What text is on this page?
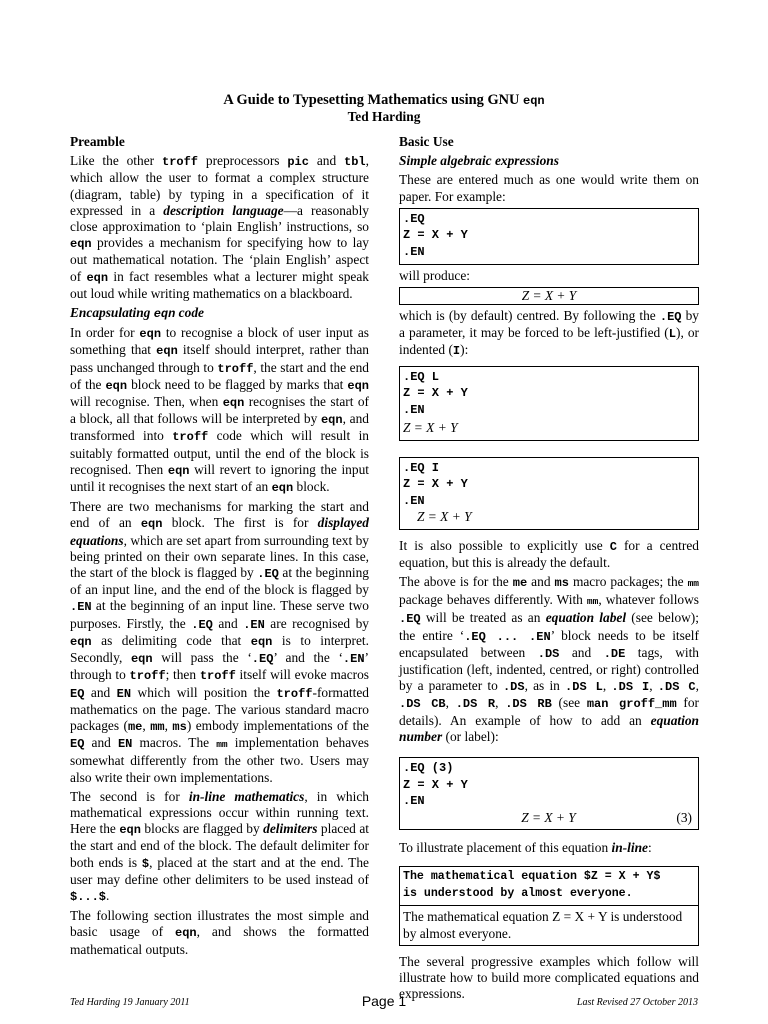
A Guide to Typesetting Mathematics using GNU eqn
Ted Harding

Preamble

Like the other troff preprocessors pic and tbl, which allow the user to format a complex structure (diagram, table) by typing in a specification of it expressed in a description language—a reasonably close approximation to ‘plain English’ instructions, so eqn provides a mechanism for specifying how to lay out mathematical notation. The ‘plain English’ aspect of eqn in fact resembles what a lecturer might speak out loud while writing mathematics on a blackboard.

Encapsulating eqn code

In order for eqn to recognise a block of user input as something that eqn itself should interpret, rather than pass unchanged through to troff, the start and the end of the eqn block need to be flagged by marks that eqn will recognise. Then, when eqn recognises the start of a block, all that follows will be interpreted by eqn, and transformed into troff code which will result in suitably formatted output, until the end of the block is recognised. Then eqn will revert to ignoring the input until it recognises the next start of an eqn block.

There are two mechanisms for marking the start and end of an eqn block. The first is for displayed equations, which are set apart from surrounding text by being printed on their own separate lines. In this case, the start of the block is flagged by .EQ at the beginning of an input line, and the end of the block is flagged by .EN at the beginning of an input line. These serve two purposes. Firstly, the .EQ and .EN are recognised by eqn as delimiting code that eqn is to interpret. Secondly, eqn will pass the ‘.EQ’ and the ‘.EN’ through to troff; then troff itself will evoke macros EQ and EN which will position the troff-formatted mathematics on the page. The various standard macro packages (me, mm, ms) embody implementations of the EQ and EN macros. The mm implementation behaves somewhat differently from the other two. Users may also write their own implementations.

The second is for in-line mathematics, in which mathematical expressions occur within running text. Here the eqn blocks are flagged by delimiters placed at the start and end of the block. The default delimiter for both ends is $, placed at the start and at the end. The user may define other delimiters to be used instead of $...$.

The following section illustrates the most simple and basic usage of eqn, and shows the formatted mathematical outputs.

Basic Use

Simple algebraic expressions

These are entered much as one would write them on paper. For example:

.EQ
Z = X + Y
.EN

will produce:

Z = X + Y

which is (by default) centred. By following the .EQ by a parameter, it may be forced to be left-justified (L), or indented (I):

.EQ L
Z = X + Y
.EN
Z = X + Y
.EQ I
Z = X + Y
.EN
Z = X + Y

It is also possible to explicitly use C for a centred equation, but this is already the default.

The above is for the me and ms macro packages; the mm package behaves differently. With mm, whatever follows .EQ will be treated as an equation label (see below); the entire ‘.EQ ... .EN’ block needs to be itself encapsulated between .DS and .DE tags, with justification (left, indented, centred, or right) controlled by a parameter to .DS, as in .DS L, .DS I, .DS C, .DS CB, .DS R, .DS RB (see man groff_mm for details). An example of how to add an equation number (or label):

.EQ (3)
Z = X + Y
.EN
Z = X + Y	(3)

To illustrate placement of this equation in-line:

The mathematical equation $Z = X + Y$
is understood by almost everyone.
The mathematical equation Z = X + Y is understood by almost everyone.

The several progressive examples which follow will illustrate how to build more complicated equations and expressions.

Ted Harding 19 January 2011	Page 1	Last Revised 27 October 2013
